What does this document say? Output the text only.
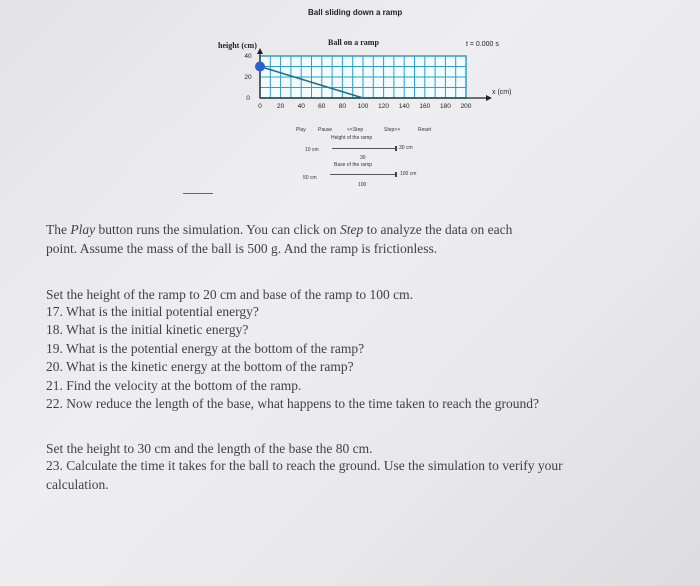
Ball sliding down a ramp
height (cm)	Ball on a ramp	t = 0.000 s
x (cm)
0 20 40 60 80 100 120 140 160 180 200
0
20
40
Play Pause	<<Step	Step>>	Reset
Height of the ramp
10 cm	30 cm
30
Base of the ramp
50 cm
100 cm
100
The Play button runs the simulation. You can click on Step to analyze the data on each
point. Assume the mass of the ball is 500 g. And the ramp is frictionless.
Set the height of the ramp to 20 cm and base of the ramp to 100 cm.
17. What is the initial potential energy?
18. What is the initial kinetic energy?
19. What is the potential energy at the bottom of the ramp?
20. What is the kinetic energy at the bottom of the ramp?
21. Find the velocity at the bottom of the ramp.
22. Now reduce the length of the base, what happens to the time taken to reach the ground?
Set the height to 30 cm and the length of the base the 80 cm.
23. Calculate the time it takes for the ball to reach the ground. Use the simulation to verify your
calculation.
